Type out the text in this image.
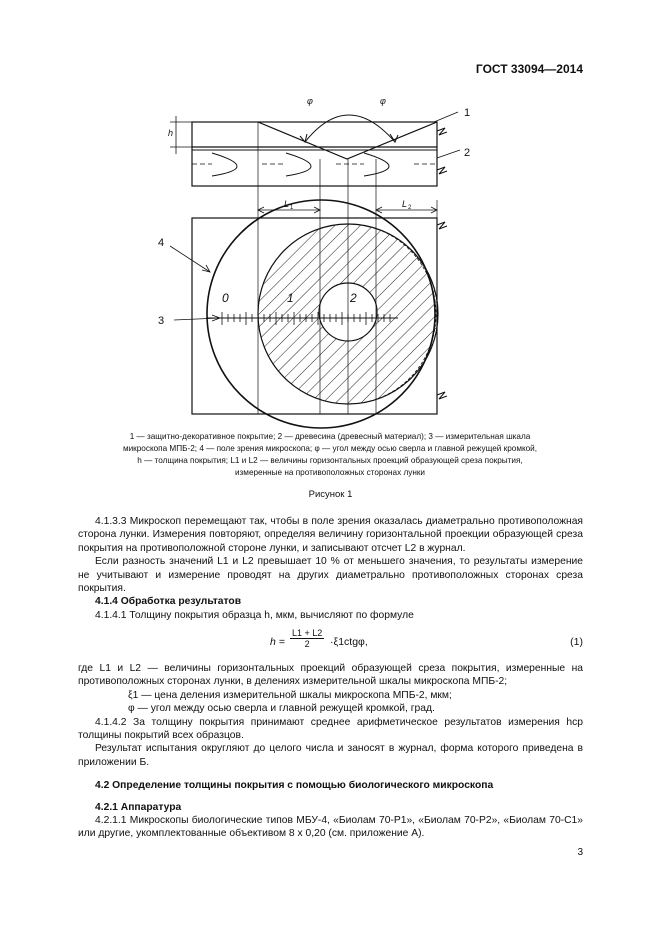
ГОСТ 33094—2014
1
2
4
3
h
φ	φ
L 1	L 2
0	1	2
1 — защитно-декоративное покрытие; 2 — древесина (древесный материал); 3 — измерительная шкала
микроскопа МПБ-2; 4 — поле зрения микроскопа; φ — угол между осью сверла и главной режущей кромкой,
h — толщина покрытия; L1 и L2 — величины горизонтальных проекций образующей среза покрытия,
измеренные на противоположных сторонах лунки
Рисунок 1

4.1.3.3 Микроскоп перемещают так, чтобы в поле зрения оказалась диаметрально противоположная сторона лунки. Измерения повторяют, определяя величину горизонтальной проекции образующей среза покрытия на противоположной стороне лунки, и записывают отсчет L2 в журнал.

Если разность значений L1 и L2 превышает 10 % от меньшего значения, то результаты измерение не учитывают и измерение проводят на других диаметрально противоположных сторонах среза покрытия.

4.1.4 Обработка результатов

4.1.4.1 Толщину покрытия образца h, мкм, вычисляют по формуле

$h = \frac{L1 + L2}{2} \cdot\xi 1ctg\varphi$,	(1)

где L1 и L2 — величины горизонтальных проекций образующей среза покрытия, измеренные на противоположных сторонах лунки, в делениях измерительной шкалы микроскопа МПБ-2;

ξ1 — цена деления измерительной шкалы микроскопа МПБ-2, мкм;

φ — угол между осью сверла и главной режущей кромкой, град.

4.1.4.2 За толщину покрытия принимают среднее арифметическое результатов измерения hср толщины покрытий всех образцов.

Результат испытания округляют до целого числа и заносят в журнал, форма которого приведена в приложении Б.

4.2 Определение толщины покрытия с помощью биологического микроскопа

4.2.1 Аппаратура

4.2.1.1 Микроскопы биологические типов МБУ-4, «Биолам 70-Р1», «Биолам 70-Р2», «Биолам 70-С1» или другие, укомплектованные объективом 8 х 0,20 (см. приложение А).

3
